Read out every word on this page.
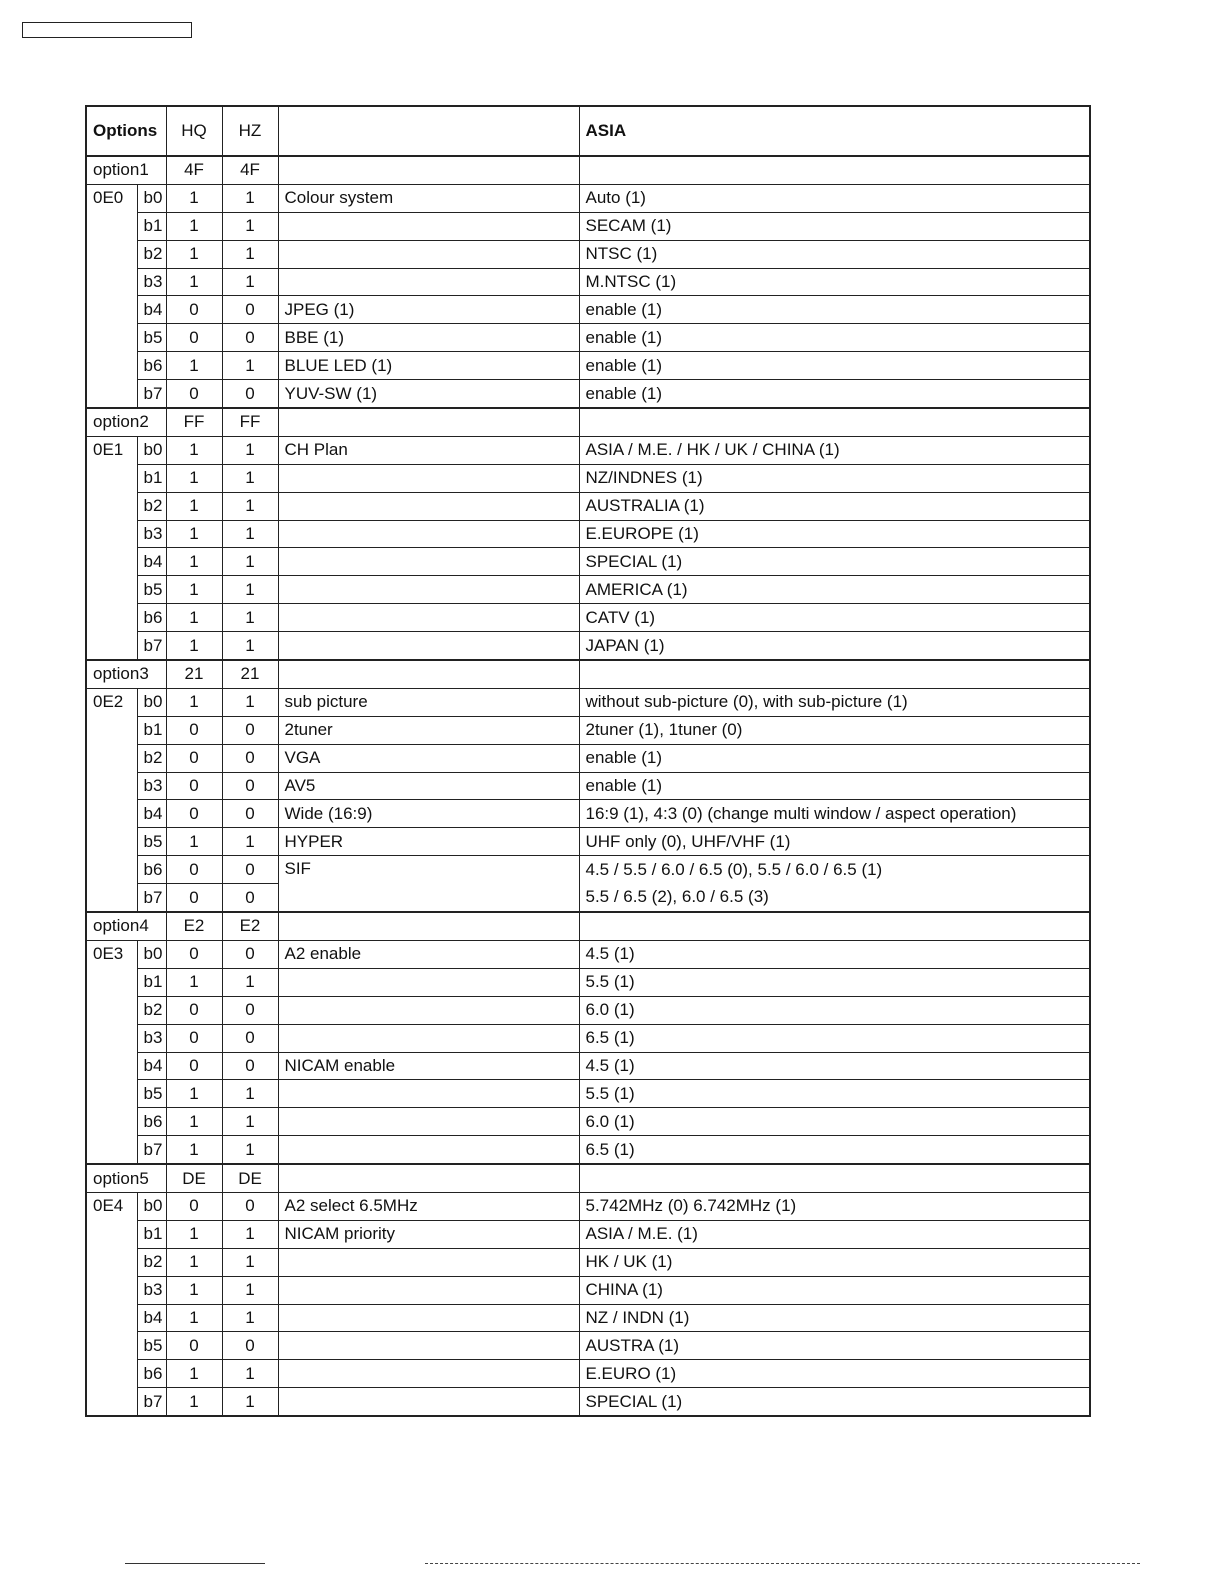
Options		HQ	HZ		ASIA
option1		4F	4F		
0E0	b0	1	1	Colour system	Auto (1)
	b1	1	1		SECAM (1)
	b2	1	1		NTSC (1)
	b3	1	1		M.NTSC (1)
	b4	0	0	JPEG (1)	enable (1)
	b5	0	0	BBE (1)	enable (1)
	b6	1	1	BLUE LED (1)	enable (1)
	b7	0	0	YUV-SW (1)	enable (1)
option2		FF	FF		
0E1	b0	1	1	CH Plan	ASIA / M.E. / HK / UK / CHINA (1)
	b1	1	1		NZ/INDNES (1)
	b2	1	1		AUSTRALIA (1)
	b3	1	1		E.EUROPE (1)
	b4	1	1		SPECIAL (1)
	b5	1	1		AMERICA (1)
	b6	1	1		CATV (1)
	b7	1	1		JAPAN (1)
option3		21	21		
0E2	b0	1	1	sub picture	without sub-picture (0), with sub-picture (1)
	b1	0	0	2tuner	2tuner (1), 1tuner (0)
	b2	0	0	VGA	enable (1)
	b3	0	0	AV5	enable (1)
	b4	0	0	Wide (16:9)	16:9 (1), 4:3 (0) (change multi window / aspect operation)
	b5	1	1	HYPER	UHF only (0), UHF/VHF (1)
	b6	0	0	SIF	4.5 / 5.5 / 6.0 / 6.5 (0), 5.5 / 6.0 / 6.5 (1)
	b7	0	0		5.5 / 6.5 (2), 6.0 / 6.5 (3)
option4		E2	E2		
0E3	b0	0	0	A2 enable	4.5 (1)
	b1	1	1		5.5 (1)
	b2	0	0		6.0 (1)
	b3	0	0		6.5 (1)
	b4	0	0	NICAM enable	4.5 (1)
	b5	1	1		5.5 (1)
	b6	1	1		6.0 (1)
	b7	1	1		6.5 (1)
option5		DE	DE		
0E4	b0	0	0	A2 select 6.5MHz	5.742MHz (0) 6.742MHz (1)
	b1	1	1	NICAM priority	ASIA / M.E. (1)
	b2	1	1		HK / UK (1)
	b3	1	1		CHINA (1)
	b4	1	1		NZ / INDN (1)
	b5	0	0		AUSTRA (1)
	b6	1	1		E.EURO (1)
	b7	1	1		SPECIAL (1)
